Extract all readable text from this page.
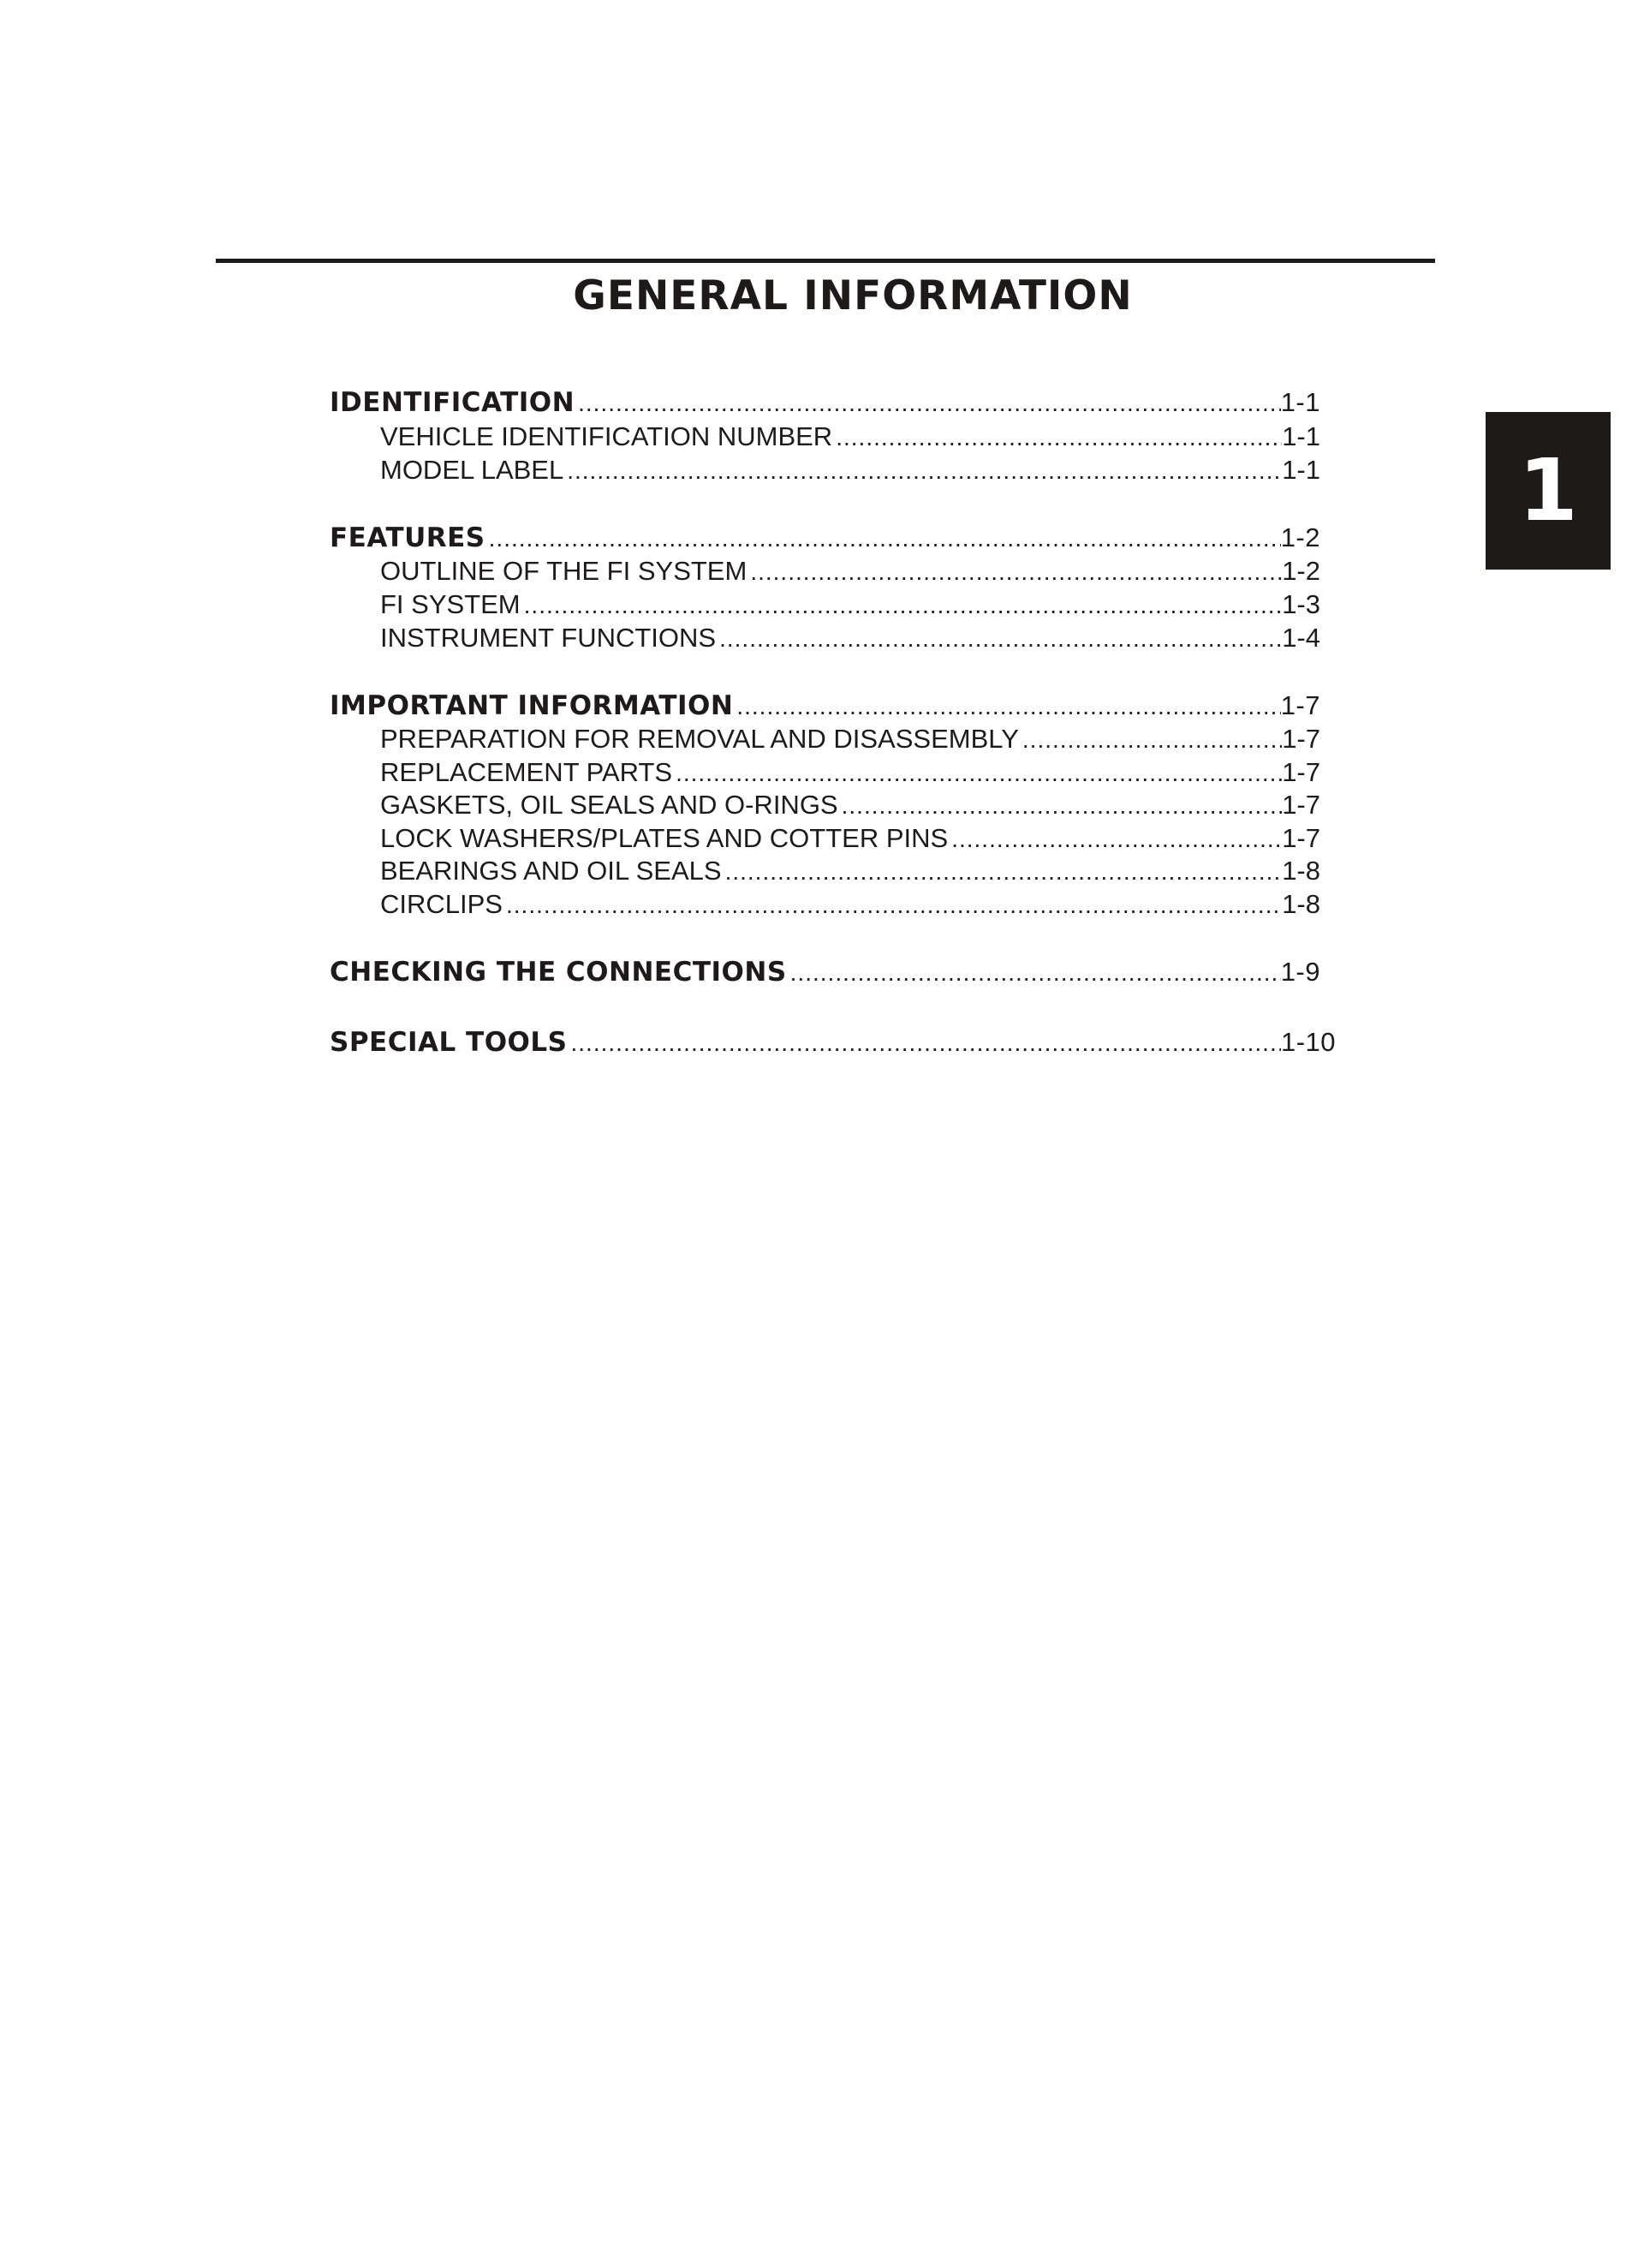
GENERAL INFORMATION
1
IDENTIFICATION .....	1-1
VEHICLE IDENTIFICATION NUMBER .....	1-1
MODEL LABEL .....	1-1
FEATURES .....	1-2
OUTLINE OF THE FI SYSTEM .....	1-2
FI SYSTEM .....	1-3
INSTRUMENT FUNCTIONS .....	1-4
IMPORTANT INFORMATION .....	1-7
PREPARATION FOR REMOVAL AND DISASSEMBLY .....	1-7
REPLACEMENT PARTS .....	1-7
GASKETS, OIL SEALS AND O-RINGS .....	1-7
LOCK WASHERS/PLATES AND COTTER PINS .....	1-7
BEARINGS AND OIL SEALS .....	1-8
CIRCLIPS .....	1-8
CHECKING THE CONNECTIONS .....	1-9
SPECIAL TOOLS .....	1-10
